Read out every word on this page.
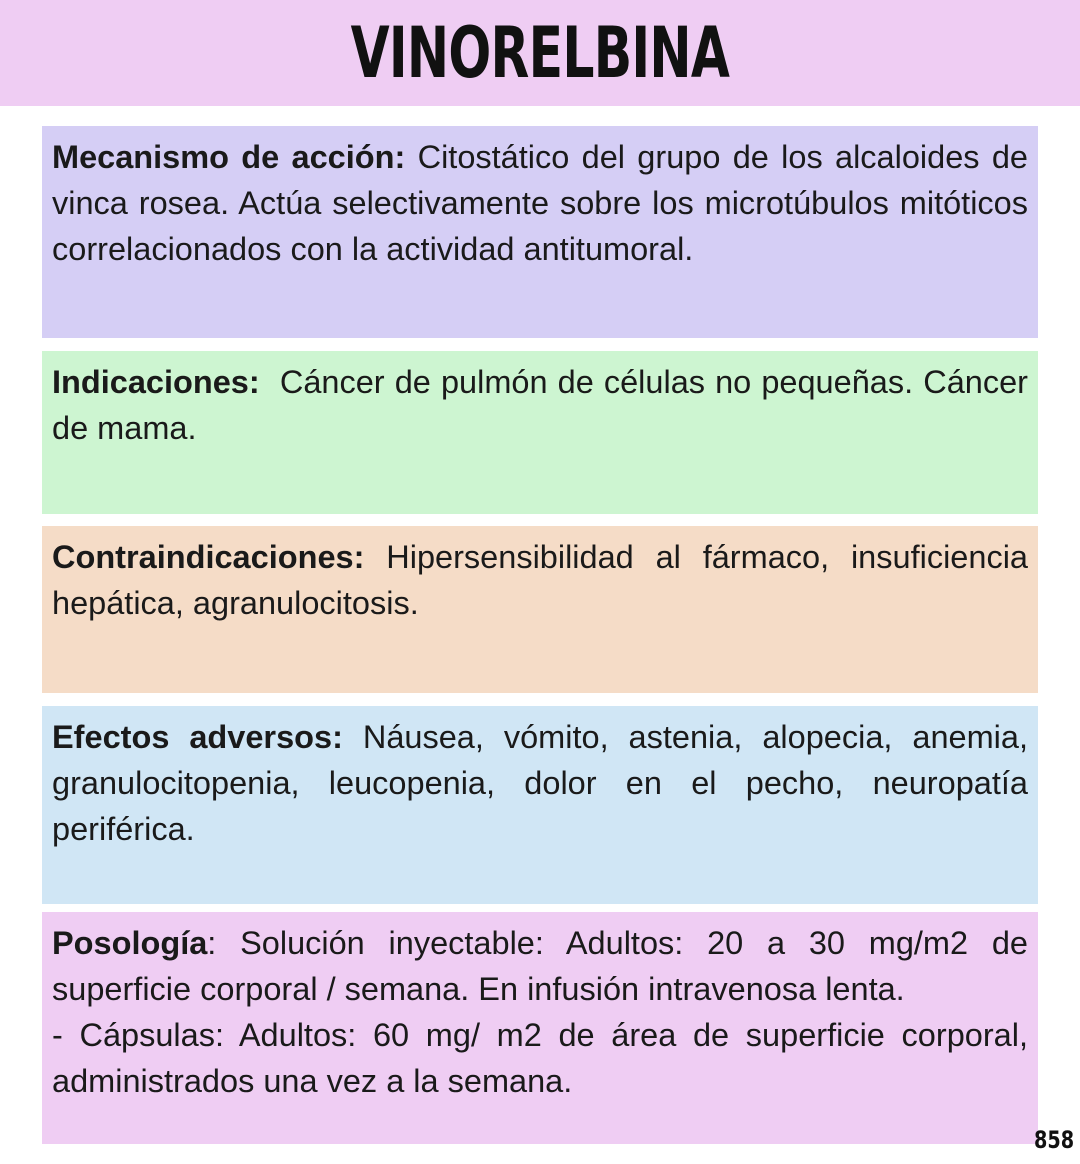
VINORELBINA

Mecanismo de acción: Citostático del grupo de los alcaloides de vinca rosea. Actúa selectivamente sobre los microtúbulos mitóticos correlacionados con la actividad antitumoral.

Indicaciones:  Cáncer de pulmón de células no pequeñas. Cáncer de mama.

Contraindicaciones: Hipersensibilidad al fármaco, insuficiencia hepática, agranulocitosis.

Efectos adversos: Náusea, vómito, astenia, alopecia, anemia, granulocitopenia, leucopenia, dolor en el pecho, neuropatía periférica.

Posología: Solución inyectable: Adultos: 20 a 30 mg/m2 de superficie corporal / semana. En infusión intravenosa lenta.

- Cápsulas: Adultos: 60 mg/ m2 de área de superficie corporal, administrados una vez a la semana.

858
